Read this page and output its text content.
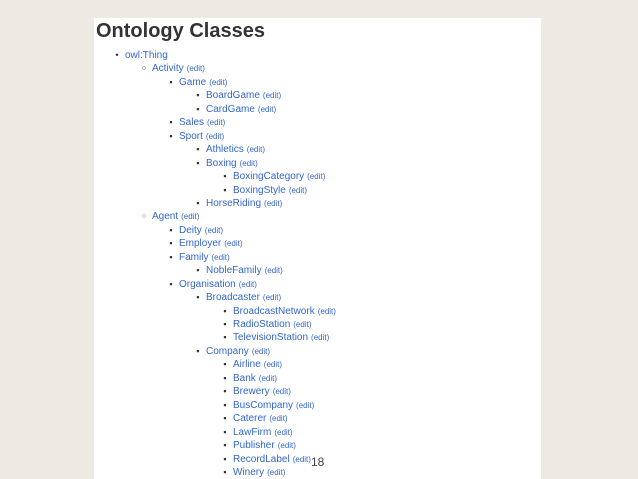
Ontology Classes
• owl:Thing
○ Activity (edit)
▪ Game (edit)
▪ BoardGame (edit)
▪ CardGame (edit)
▪ Sales (edit)
▪ Sport (edit)
▪ Athletics (edit)
▪ Boxing (edit)
▪ BoxingCategory (edit)
▪ BoxingStyle (edit)
▪ HorseRiding (edit)
○ Agent (edit)
▪ Deity (edit)
▪ Employer (edit)
▪ Family (edit)
▪ NobleFamily (edit)
▪ Organisation (edit)
▪ Broadcaster (edit)
▪ BroadcastNetwork (edit)
▪ RadioStation (edit)
▪ TelevisionStation (edit)
▪ Company (edit)
▪ Airline (edit)
▪ Bank (edit)
▪ Brewery (edit)
▪ BusCompany (edit)
▪ Caterer (edit)
▪ LawFirm (edit)
▪ Publisher (edit)
▪ RecordLabel (edit)
▪ Winery (edit)
18
